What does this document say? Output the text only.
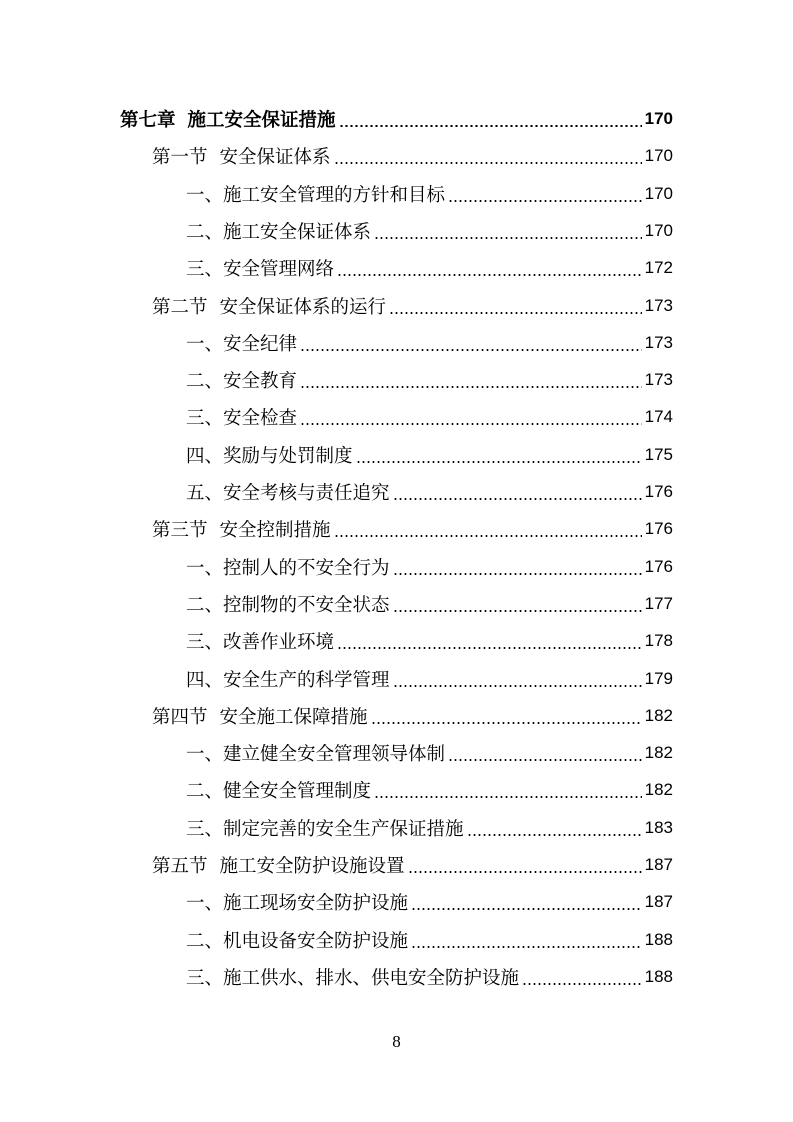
第七章 施工安全保证措施	170
第一节 安全保证体系	170
一、施工安全管理的方针和目标	170
二、施工安全保证体系	170
三、安全管理网络	172
第二节 安全保证体系的运行	173
一、安全纪律	173
二、安全教育	173
三、安全检查	174
四、奖励与处罚制度	175
五、安全考核与责任追究	176
第三节 安全控制措施	176
一、控制人的不安全行为	176
二、控制物的不安全状态	177
三、改善作业环境	178
四、安全生产的科学管理	179
第四节 安全施工保障措施	182
一、建立健全安全管理领导体制	182
二、健全安全管理制度	182
三、制定完善的安全生产保证措施	183
第五节 施工安全防护设施设置	187
一、施工现场安全防护设施	187
二、机电设备安全防护设施	188
三、施工供水、排水、供电安全防护设施	188
8
